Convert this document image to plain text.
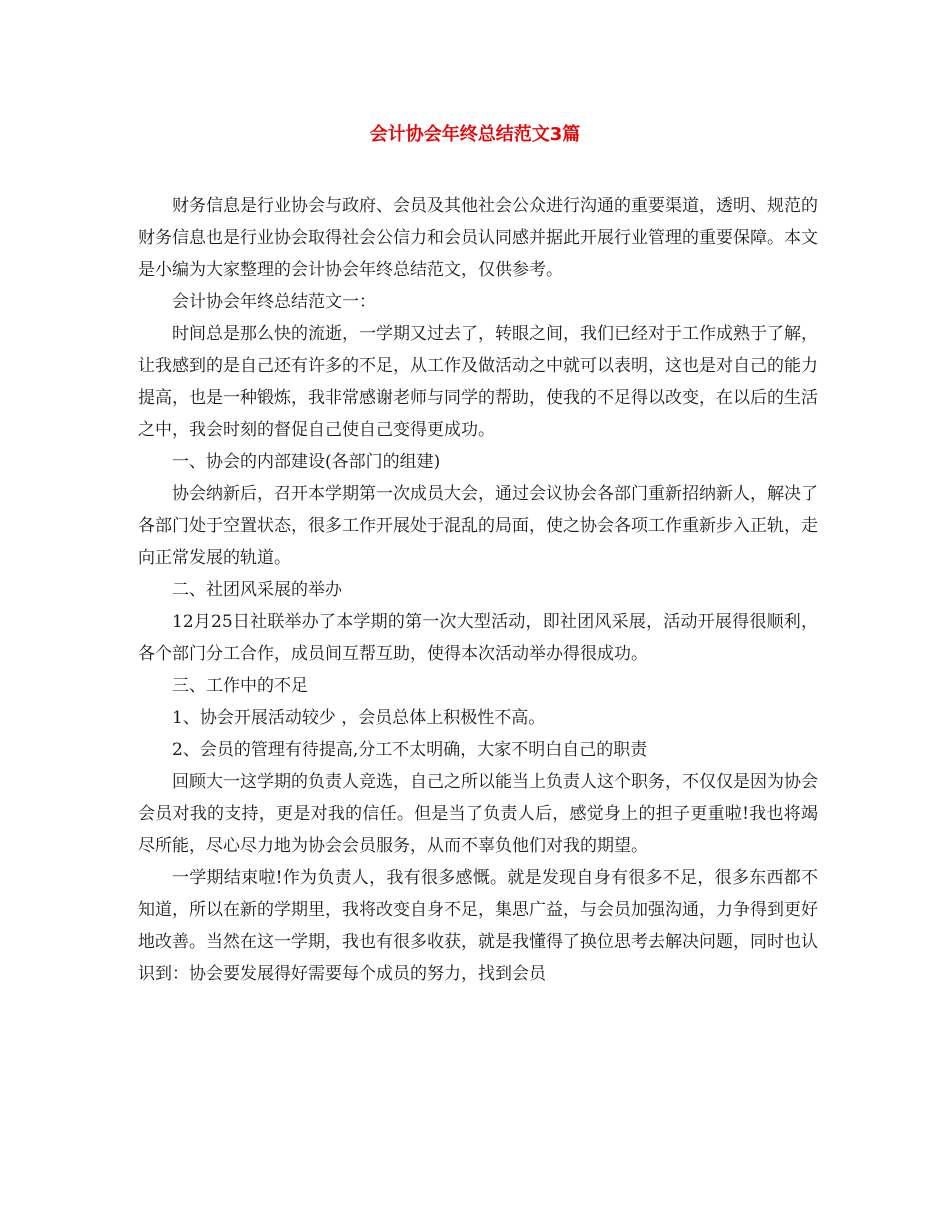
会计协会年终总结范文3篇

财务信息是行业协会与政府、会员及其他社会公众进行沟通的重要渠道，透明、规范的财务信息也是行业协会取得社会公信力和会员认同感并据此开展行业管理的重要保障。本文是小编为大家整理的会计协会年终总结范文，仅供参考。

会计协会年终总结范文一：

时间总是那么快的流逝，一学期又过去了，转眼之间，我们已经对于工作成熟于了解，让我感到的是自己还有许多的不足，从工作及做活动之中就可以表明，这也是对自己的能力提高，也是一种锻炼，我非常感谢老师与同学的帮助，使我的不足得以改变，在以后的生活之中，我会时刻的督促自己使自己变得更成功。

一、协会的内部建设(各部门的组建)

协会纳新后，召开本学期第一次成员大会，通过会议协会各部门重新招纳新人，解决了各部门处于空置状态，很多工作开展处于混乱的局面，使之协会各项工作重新步入正轨，走向正常发展的轨道。

二、社团风采展的举办

12月25日社联举办了本学期的第一次大型活动，即社团风采展，活动开展得很顺利，各个部门分工合作，成员间互帮互助，使得本次活动举办得很成功。

三、工作中的不足

1、协会开展活动较少 ，会员总体上积极性不高。

2、会员的管理有待提高,分工不太明确，大家不明白自己的职责

回顾大一这学期的负责人竞选，自己之所以能当上负责人这个职务，不仅仅是因为协会会员对我的支持，更是对我的信任。但是当了负责人后，感觉身上的担子更重啦!我也将竭尽所能，尽心尽力地为协会会员服务，从而不辜负他们对我的期望。

一学期结束啦!作为负责人，我有很多感慨。就是发现自身有很多不足，很多东西都不知道，所以在新的学期里，我将改变自身不足，集思广益，与会员加强沟通，力争得到更好地改善。当然在这一学期，我也有很多收获，就是我懂得了换位思考去解决问题，同时也认识到：协会要发展得好需要每个成员的努力，找到会员
